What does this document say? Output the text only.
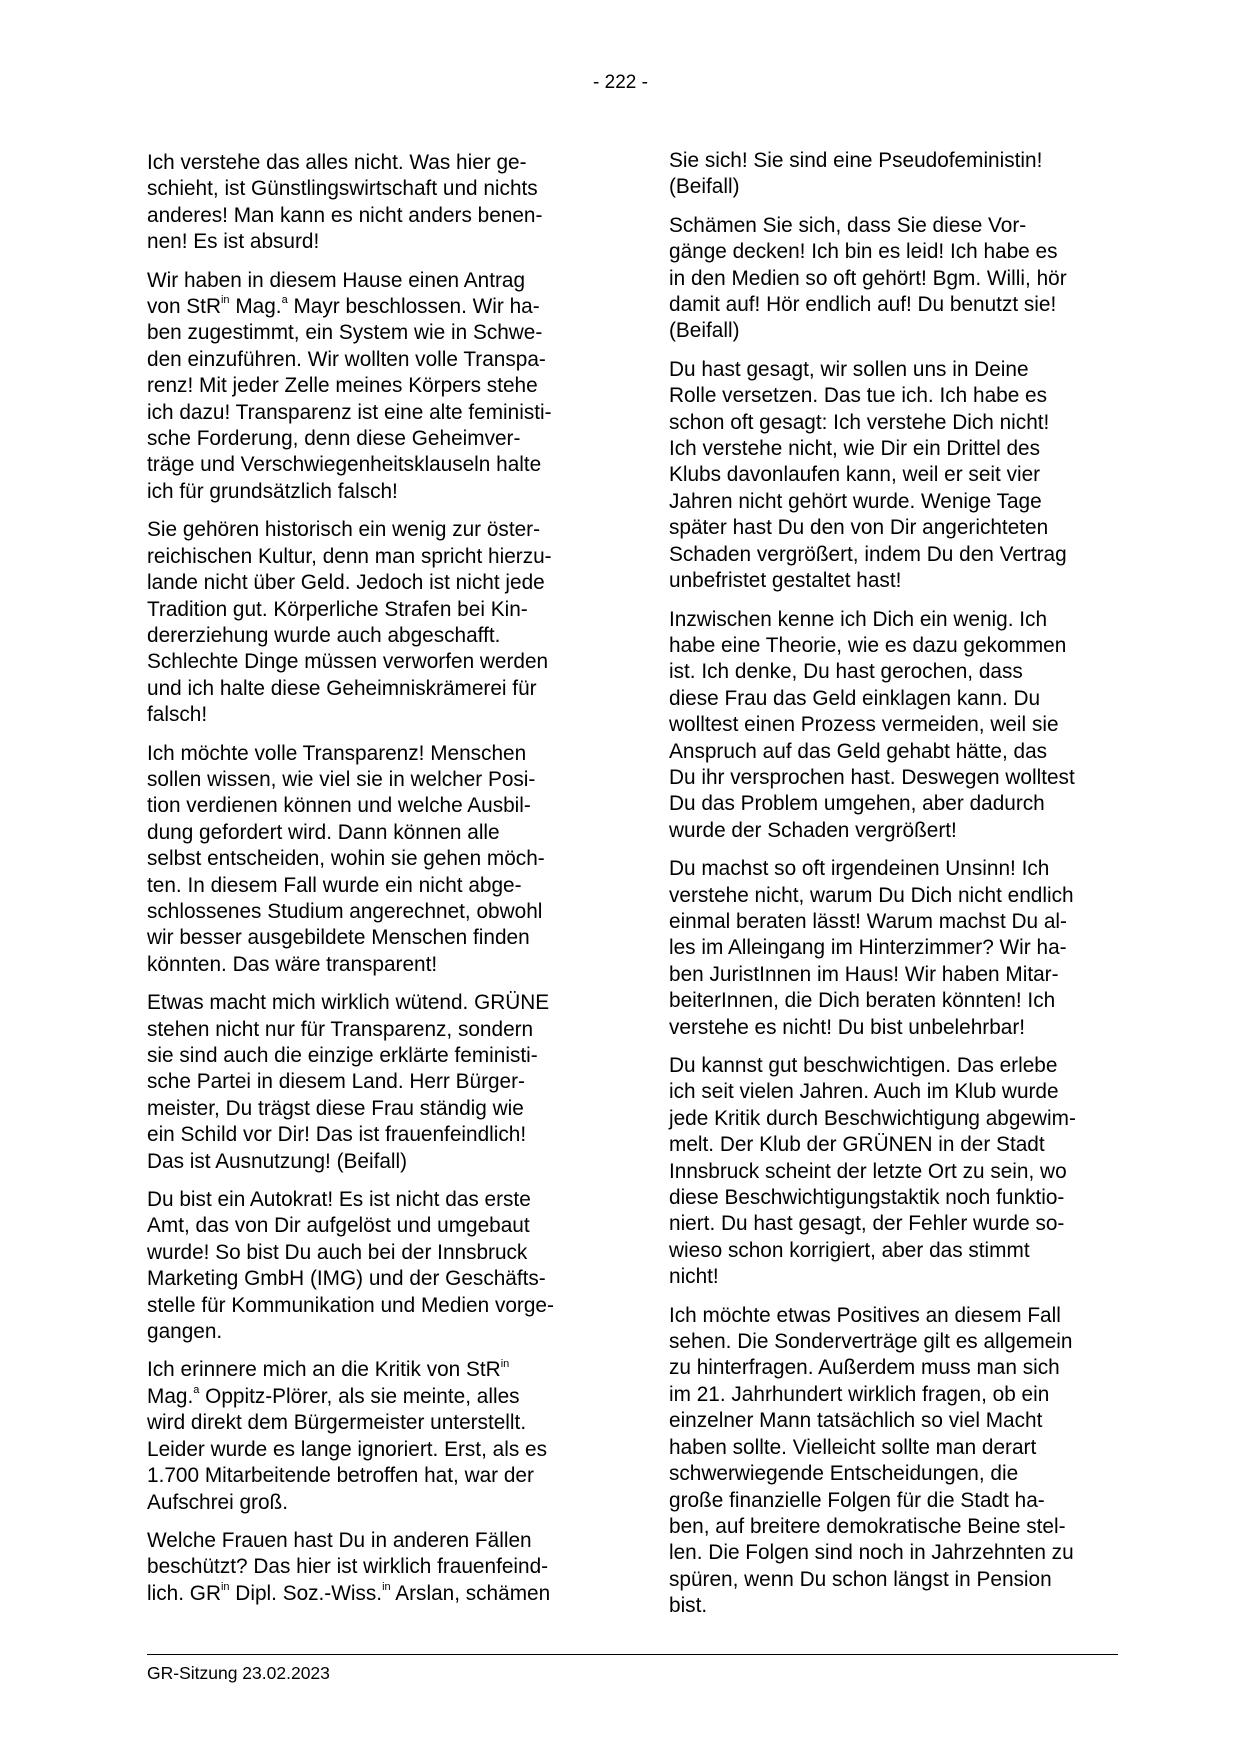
- 222 -

Ich verstehe das alles nicht. Was hier ge-
schieht, ist Günstlingswirtschaft und nichts
anderes! Man kann es nicht anders benen-
nen! Es ist absurd!

Wir haben in diesem Hause einen Antrag
von StR$^{in}$ Mag.$^a$ Mayr beschlossen. Wir ha-
ben zugestimmt, ein System wie in Schwe-
den einzuführen. Wir wollten volle Transpa-
renz! Mit jeder Zelle meines Körpers stehe
ich dazu! Transparenz ist eine alte feministi-
sche Forderung, denn diese Geheimver-
träge und Verschwiegenheitsklauseln halte
ich für grundsätzlich falsch!

Sie gehören historisch ein wenig zur öster-
reichischen Kultur, denn man spricht hierzu-
lande nicht über Geld. Jedoch ist nicht jede
Tradition gut. Körperliche Strafen bei Kin-
dererziehung wurde auch abgeschafft.
Schlechte Dinge müssen verworfen werden
und ich halte diese Geheimniskrämerei für
falsch!

Ich möchte volle Transparenz! Menschen
sollen wissen, wie viel sie in welcher Posi-
tion verdienen können und welche Ausbil-
dung gefordert wird. Dann können alle
selbst entscheiden, wohin sie gehen möch-
ten. In diesem Fall wurde ein nicht abge-
schlossenes Studium angerechnet, obwohl
wir besser ausgebildete Menschen finden
könnten. Das wäre transparent!

Etwas macht mich wirklich wütend. GRÜNE
stehen nicht nur für Transparenz, sondern
sie sind auch die einzige erklärte feministi-
sche Partei in diesem Land. Herr Bürger-
meister, Du trägst diese Frau ständig wie
ein Schild vor Dir! Das ist frauenfeindlich!
Das ist Ausnutzung! (Beifall)

Du bist ein Autokrat! Es ist nicht das erste
Amt, das von Dir aufgelöst und umgebaut
wurde! So bist Du auch bei der Innsbruck
Marketing GmbH (IMG) und der Geschäfts-
stelle für Kommunikation und Medien vorge-
gangen.

Ich erinnere mich an die Kritik von StR$^{in}$
Mag.$^a$ Oppitz-Plörer, als sie meinte, alles
wird direkt dem Bürgermeister unterstellt.
Leider wurde es lange ignoriert. Erst, als es
1.700 Mitarbeitende betroffen hat, war der
Aufschrei groß.

Welche Frauen hast Du in anderen Fällen
beschützt? Das hier ist wirklich frauenfeind-
lich. $GR^{in}$ Dipl. Soz.-Wiss.$^{in}$ Arslan, schämen

Sie sich! Sie sind eine Pseudofeministin!
(Beifall)

Schämen Sie sich, dass Sie diese Vor-
gänge decken! Ich bin es leid! Ich habe es
in den Medien so oft gehört! Bgm. Willi, hör
damit auf! Hör endlich auf! Du benutzt sie!
(Beifall)

Du hast gesagt, wir sollen uns in Deine
Rolle versetzen. Das tue ich. Ich habe es
schon oft gesagt: Ich verstehe Dich nicht!
Ich verstehe nicht, wie Dir ein Drittel des
Klubs davonlaufen kann, weil er seit vier
Jahren nicht gehört wurde. Wenige Tage
später hast Du den von Dir angerichteten
Schaden vergrößert, indem Du den Vertrag
unbefristet gestaltet hast!

Inzwischen kenne ich Dich ein wenig. Ich
habe eine Theorie, wie es dazu gekommen
ist. Ich denke, Du hast gerochen, dass
diese Frau das Geld einklagen kann. Du
wolltest einen Prozess vermeiden, weil sie
Anspruch auf das Geld gehabt hätte, das
Du ihr versprochen hast. Deswegen wolltest
Du das Problem umgehen, aber dadurch
wurde der Schaden vergrößert!

Du machst so oft irgendeinen Unsinn! Ich
verstehe nicht, warum Du Dich nicht endlich
einmal beraten lässt! Warum machst Du al-
les im Alleingang im Hinterzimmer? Wir ha-
ben JuristInnen im Haus! Wir haben Mitar-
beiterInnen, die Dich beraten könnten! Ich
verstehe es nicht! Du bist unbelehrbar!

Du kannst gut beschwichtigen. Das erlebe
ich seit vielen Jahren. Auch im Klub wurde
jede Kritik durch Beschwichtigung abgewim-
melt. Der Klub der GRÜNEN in der Stadt
Innsbruck scheint der letzte Ort zu sein, wo
diese Beschwichtigungstaktik noch funktio-
niert. Du hast gesagt, der Fehler wurde so-
wieso schon korrigiert, aber das stimmt
nicht!

Ich möchte etwas Positives an diesem Fall
sehen. Die Sonderverträge gilt es allgemein
zu hinterfragen. Außerdem muss man sich
im 21. Jahrhundert wirklich fragen, ob ein
einzelner Mann tatsächlich so viel Macht
haben sollte. Vielleicht sollte man derart
schwerwiegende Entscheidungen, die
große finanzielle Folgen für die Stadt ha-
ben, auf breitere demokratische Beine stel-
len. Die Folgen sind noch in Jahrzehnten zu
spüren, wenn Du schon längst in Pension
bist.

GR-Sitzung 23.02.2023
